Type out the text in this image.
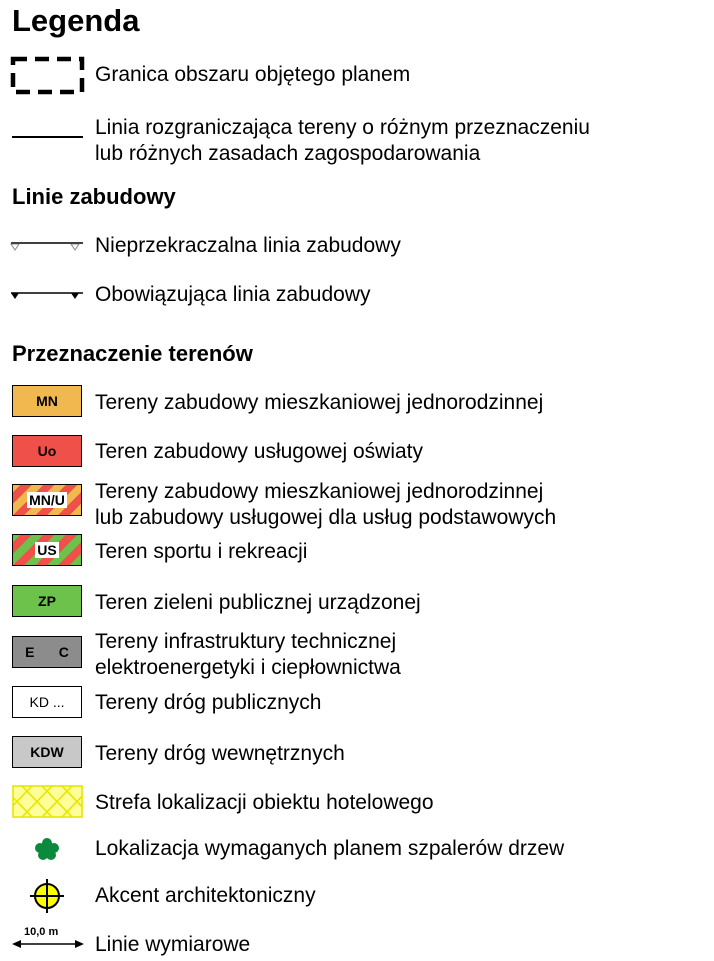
Legenda
Granica obszaru objętego planem
Linia rozgraniczająca tereny o różnym przeznaczeniu
lub różnych zasadach zagospodarowania
Linie zabudowy
Nieprzekraczalna linia zabudowy
Obowiązująca linia zabudowy
Przeznaczenie terenów
MN Tereny zabudowy mieszkaniowej jednorodzinnej
Uo Teren zabudowy usługowej oświaty
MN/U Tereny zabudowy mieszkaniowej jednorodzinnej
lub zabudowy usługowej dla usług podstawowych
US Teren sportu i rekreacji
ZP Teren zieleni publicznej urządzonej
E C Tereny infrastruktury technicznej
elektroenergetyki i ciepłownictwa
KD ... Tereny dróg publicznych
KDW Tereny dróg wewnętrznych
Strefa lokalizacji obiektu hotelowego
Lokalizacja wymaganych planem szpalerów drzew
Akcent architektoniczny
10,0 m
Linie wymiarowe
